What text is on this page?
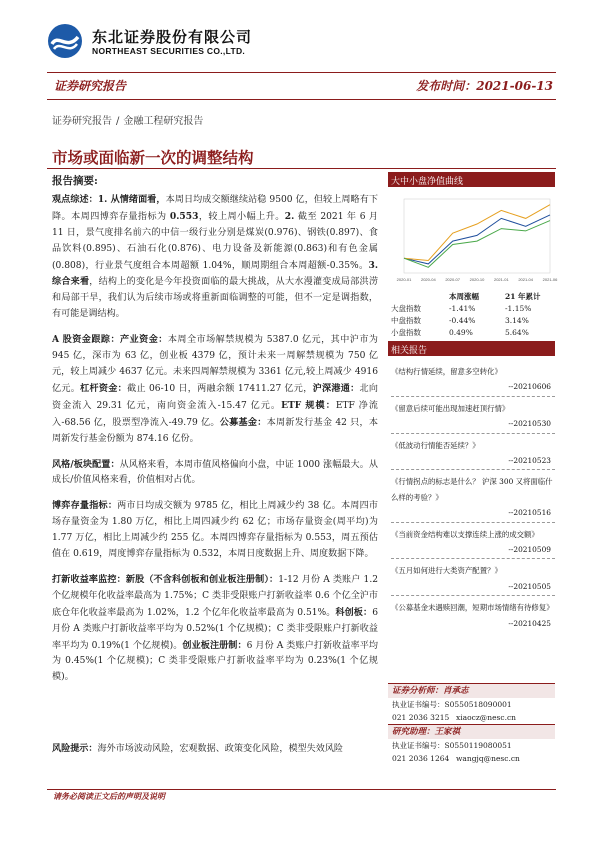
东北证券股份有限公司
NORTHEAST SECURITIES CO.,LTD.
证券研究报告	发布时间：2021-06-13
证券研究报告 / 金融工程研究报告
市场或面临新一次的调整结构
报告摘要:

观点综述：1. 从情绪面看，本周日均成交额继续站稳 9500 亿，但较上周略有下降。本周四博弈存量指标为 0.553，较上周小幅上升。2. 截至 2021 年 6 月 11 日，景气度排名前六的中信一级行业分别是煤炭(0.976)、钢铁(0.897)、食品饮料(0.895)、石油石化(0.876)、电力设备及新能源(0.863)和有色金属(0.808)，行业景气度组合本周超额 1.04%，顺周期组合本周超额-0.35%。3. 综合来看，结构上的变化是今年投资面临的最大挑战，从大水漫灌变成局部洪涝和局部干旱，我们认为后续市场或将重新面临调整的可能，但不一定是调指数，有可能是调结构。

A 股资金跟踪：产业资金：本周全市场解禁规模为 5387.0 亿元，其中沪市为 945 亿，深市为 63 亿，创业板 4379 亿，预计未来一周解禁规模为 750 亿元，较上周减少 4637 亿元。未来四周解禁规模为 3361 亿元,较上周减少 4916 亿元。杠杆资金：截止 06-10 日，两融余额 17411.27 亿元，沪深港通：北向资金流入 29.31 亿元，南向资金流入-15.47 亿元。ETF 规模：ETF 净流入-68.56 亿，股票型净流入-49.79 亿。公募基金：本周新发行基金 42 只，本周新发行基金份额为 874.16 亿份。

风格/板块配置：从风格来看，本周市值风格偏向小盘，中证 1000 涨幅最大。从成长/价值风格来看，价值相对占优。

博弈存量指标：两市日均成交额为 9785 亿，相比上周减少约 38 亿。本周四市场存量资金为 1.80 万亿，相比上周四减少约 62 亿；市场存量资金(周平均)为 1.77 万亿，相比上周减少约 255 亿。本周四博弈存量指标为 0.553，周五预估值在 0.619，周度博弈存量指标为 0.532，本周日度数据上升、周度数据下降。

打新收益率监控：新股（不含科创板和创业板注册制）：1-12 月份 A 类账户 1.2 个亿规模年化收益率最高为 1.75%；C 类非受限账户打新收益率 0.6 个亿全沪市底仓年化收益率最高为 1.02%，1.2 个亿年化收益率最高为 0.51%。科创板：6 月份 A 类账户打新收益率平均为 0.52%(1 个亿规模)；C 类非受限账户打新收益率平均为 0.19%(1 个亿规模)。创业板注册制：6 月份 A 类账户打新收益率平均为 0.45%(1 个亿规模)；C 类非受限账户打新收益率平均为 0.23%(1 个亿规模)。

风险提示：海外市场波动风险，宏观数据、政策变化风险，模型失效风险
大中小盘净值曲线
2020-01 2020-04 2020-07 2020-10 2021-01 2021-04 2021-06
本周涨幅	21 年累计
大盘指数	-1.41%	-1.15%
中盘指数	-0.44%	3.14%
小盘指数	0.49%	5.64%
相关报告
《结构行情延续，留意多空转化》
--20210606
《留意后续可能出现加速赶顶行情》
--20210530
《低波动行情能否延续？》
--20210523
《行情拐点的标志是什么？ 沪深 300 又将面临什么样的考验？》
--20210516
《当前资金结构难以支撑连续上涨的成交额》
--20210509
《五月如何进行大类资产配置？》
--20210505
《公募基金未遇赎回潮，短期市场情绪有待修复》
--20210425
证券分析师：肖承志
执业证书编号：S0550518090001
021 2036 3215 xiaocz@nesc.cn
研究助理：王家祺
执业证书编号：S0550119080051
021 2036 1264 wangjq@nesc.cn
请务必阅读正文后的声明及说明
